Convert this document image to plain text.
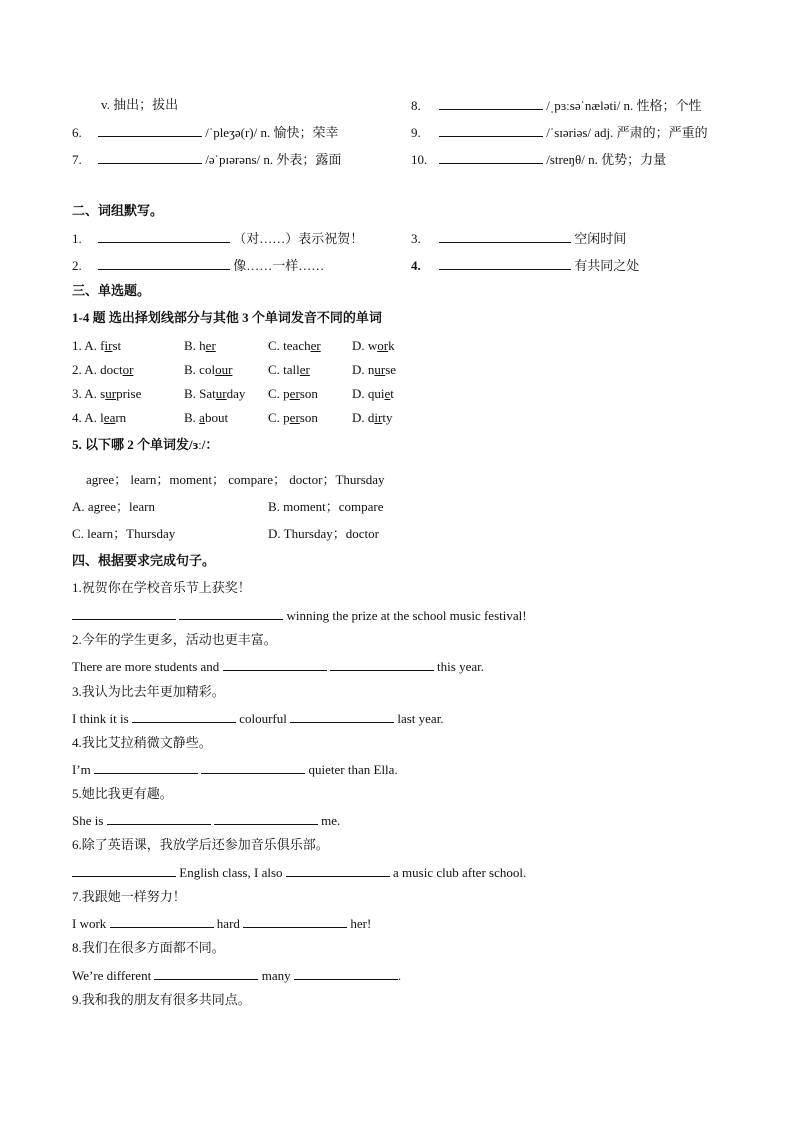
v. 抽出；拔出
6.	/ˈpleʒə(r)/ n. 愉快；荣幸
7.	/əˈpɪərəns/ n. 外表；露面
8.	/ˌpɜːsəˈnæləti/ n. 性格；个性
9.	/ˈsɪəriəs/ adj. 严肃的；严重的
10.	/streŋθ/ n. 优势；力量
二、词组默写。
1.	（对……）表示祝贺！
2.	像……一样……
3.	空闲时间
4.	有共同之处
三、单选题。
1-4 题 选出择划线部分与其他 3 个单词发音不同的单词
1. A. first	B. her	C. teacher D. work
2. A. doctor	B. colour	C. taller	D. nurse
3. A. surprise	B. Saturday C. person	D. quiet
4. A. learn	B. about	C. person	D. dirty
5. 以下哪 2 个单词发/ɜː/：
agree； learn；moment； compare； doctor；Thursday
A. agree；learn	B. moment；compare
C. learn；Thursday	D. Thursday；doctor
四、根据要求完成句子。
1.祝贺你在学校音乐节上获奖！
winning the prize at the school music festival!
2.今年的学生更多，活动也更丰富。
There are more students and	this year.
3.我认为比去年更加精彩。
I think it is	colourful	last year.
4.我比艾拉稍微文静些。
I’m	quieter than Ella.
5.她比我更有趣。
She is	me.
6.除了英语课，我放学后还参加音乐俱乐部。
English class, I also	a music club after school.
7.我跟她一样努力！
I work	hard	her!
8.我们在很多方面都不同。
We’re different	many	.
9.我和我的朋友有很多共同点。
